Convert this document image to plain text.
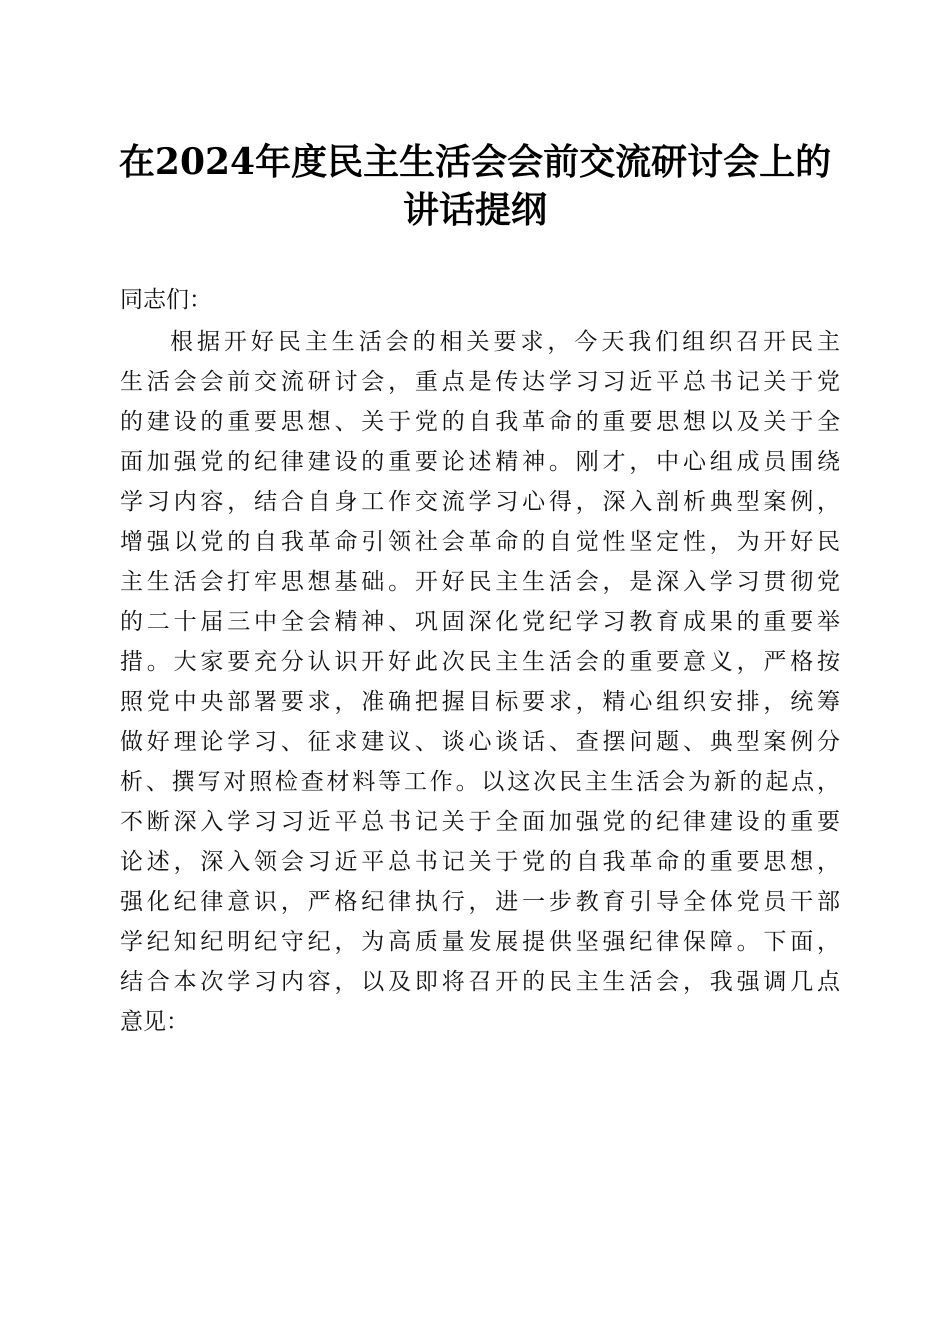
在2024年度民主生活会会前交流研讨会上的
讲话提纲
同志们：
根据开好民主生活会的相关要求，今天我们组织召开民主
生活会会前交流研讨会，重点是传达学习习近平总书记关于党
的建设的重要思想、关于党的自我革命的重要思想以及关于全
面加强党的纪律建设的重要论述精神。刚才，中心组成员围绕
学习内容，结合自身工作交流学习心得，深入剖析典型案例，
增强以党的自我革命引领社会革命的自觉性坚定性，为开好民
主生活会打牢思想基础。开好民主生活会，是深入学习贯彻党
的二十届三中全会精神、巩固深化党纪学习教育成果的重要举
措。大家要充分认识开好此次民主生活会的重要意义，严格按
照党中央部署要求，准确把握目标要求，精心组织安排，统筹
做好理论学习、征求建议、谈心谈话、查摆问题、典型案例分
析、撰写对照检查材料等工作。以这次民主生活会为新的起点，
不断深入学习习近平总书记关于全面加强党的纪律建设的重要
论述，深入领会习近平总书记关于党的自我革命的重要思想，
强化纪律意识，严格纪律执行，进一步教育引导全体党员干部
学纪知纪明纪守纪，为高质量发展提供坚强纪律保障。下面，
结合本次学习内容，以及即将召开的民主生活会，我强调几点
意见：
